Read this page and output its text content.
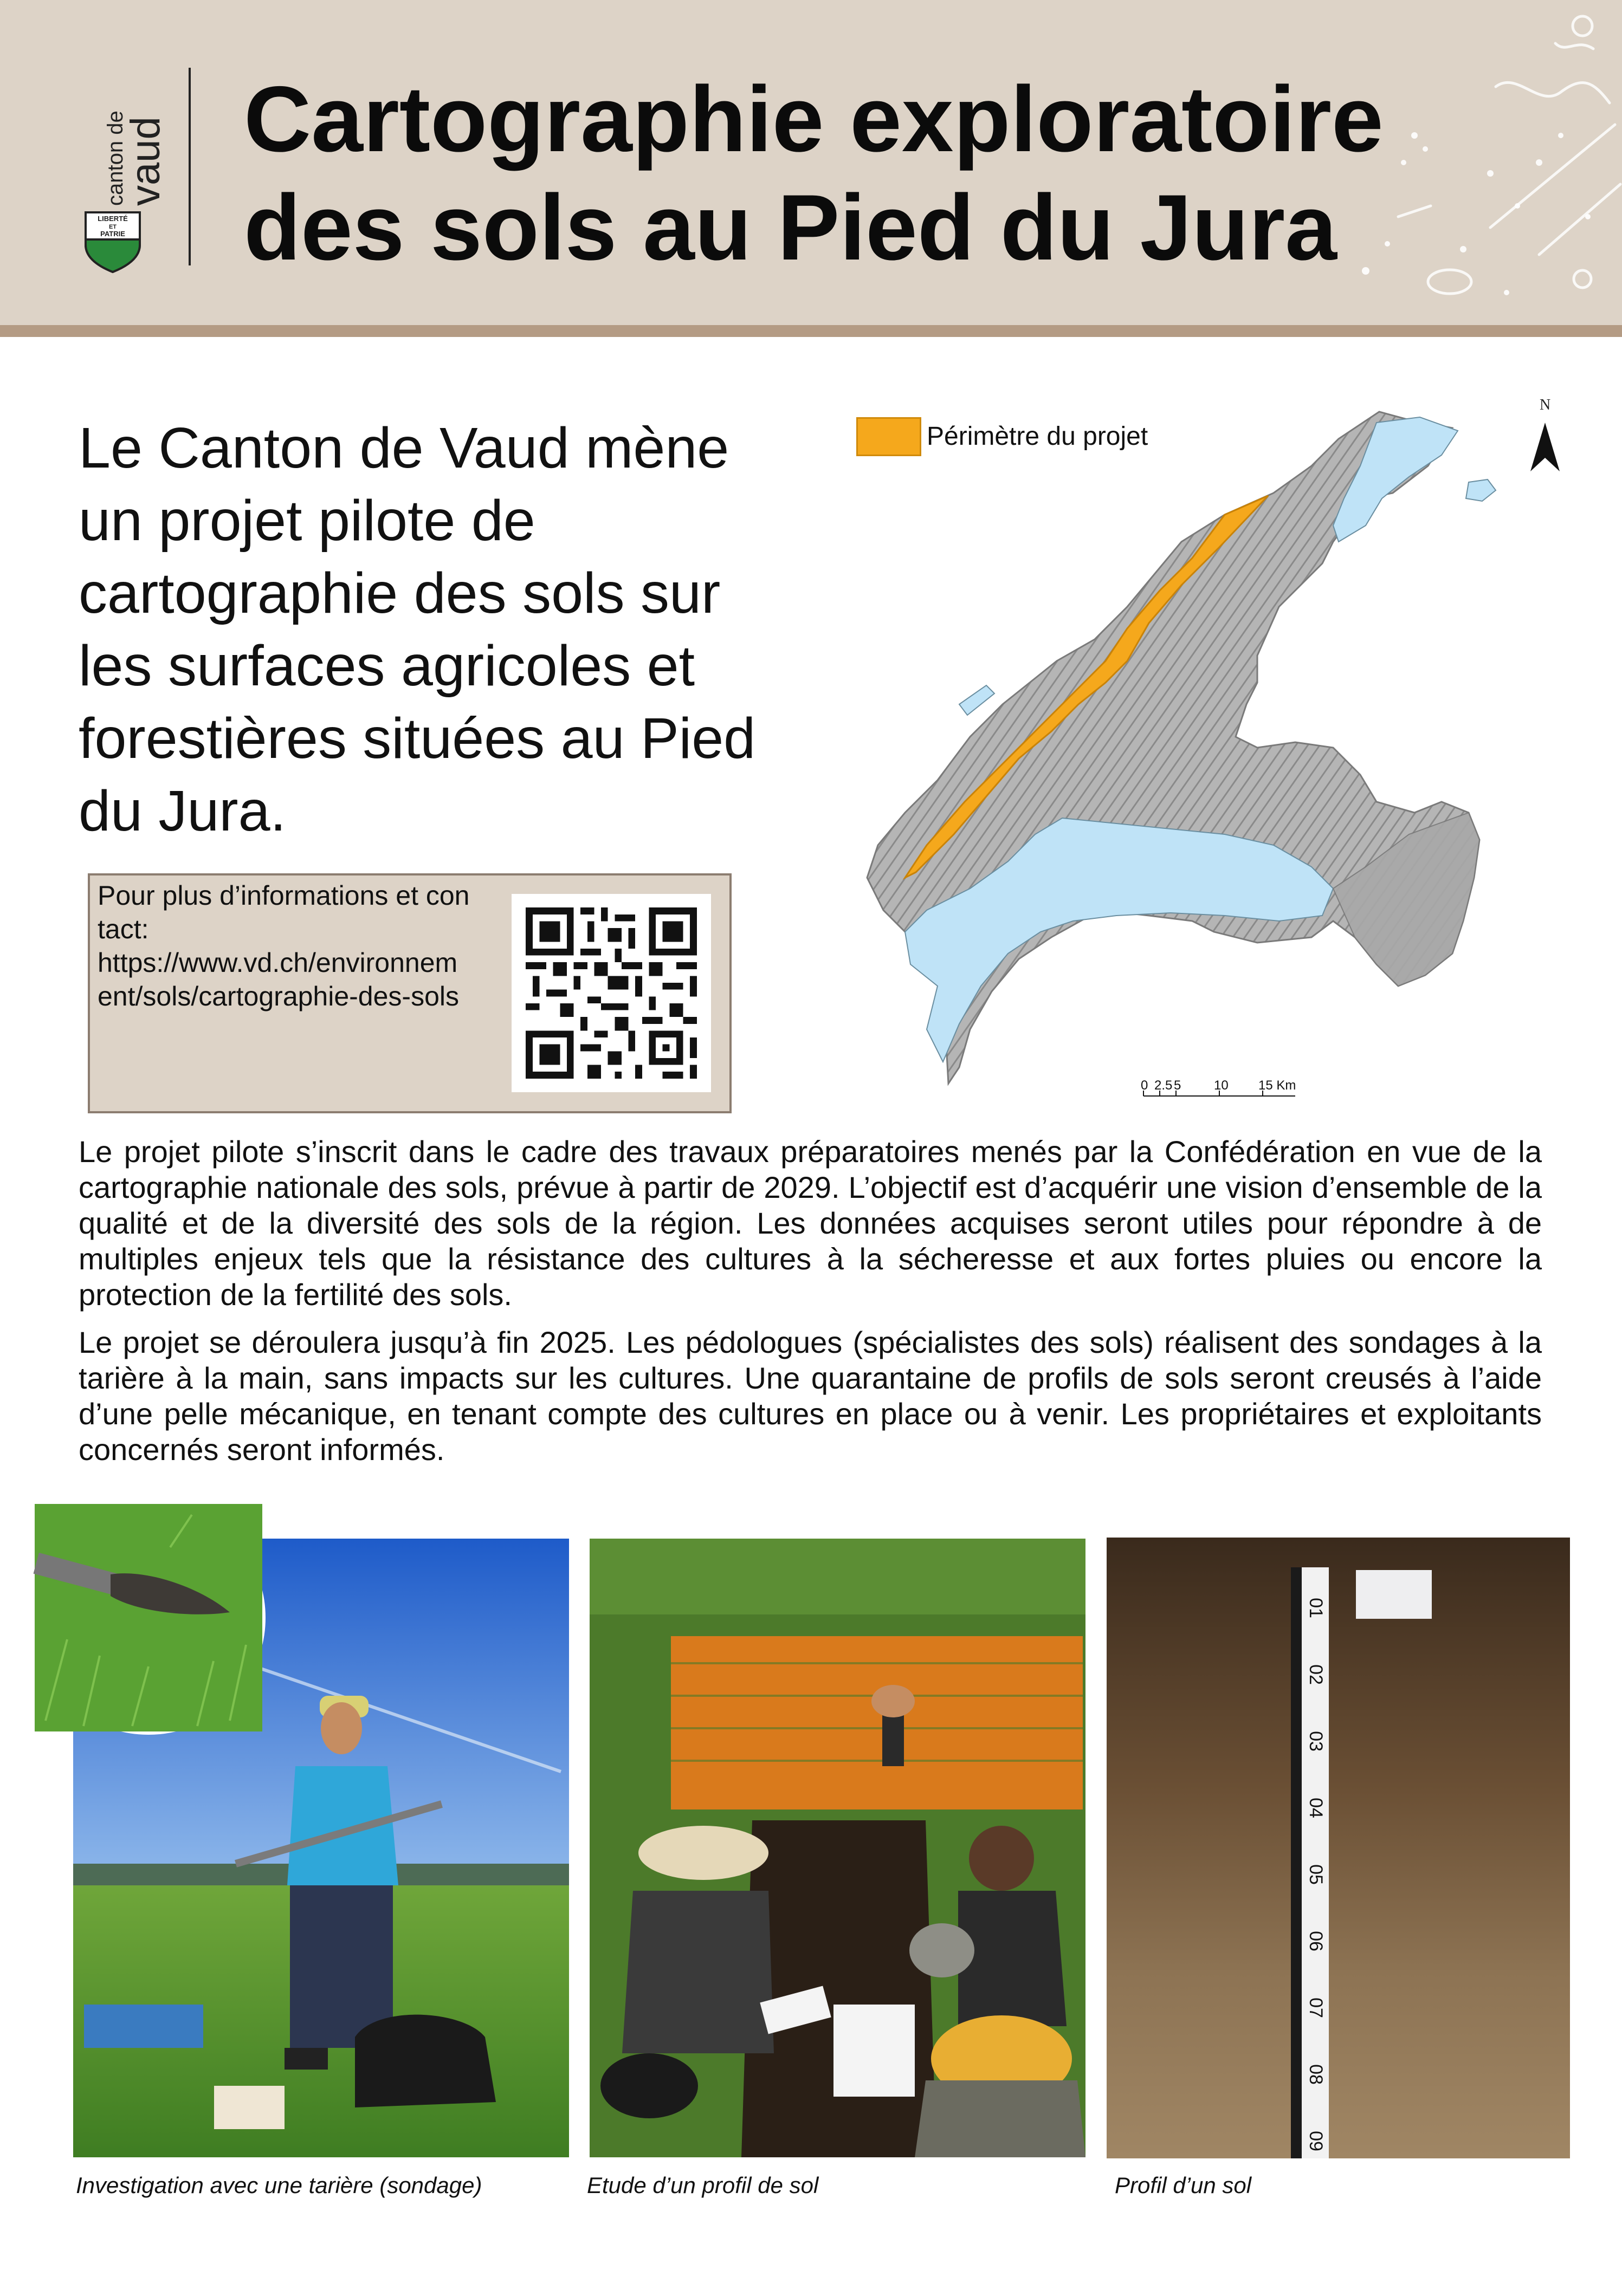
canton de
vaud
LIBERTÉ
ET
PATRIE
Cartographie exploratoire
des sols au Pied du Jura

Le Canton de Vaud mène un projet pilote de cartographie des sols sur les surfaces agricoles et forestières situées au Pied du Jura.

Pour plus d’informations et contact:
https://www.vd.ch/environnement/sols/cartographie-des-sols
Périmètre du projet
N
0 2.5 5	10 15 Km

Le projet pilote s’inscrit dans le cadre des travaux préparatoires menés par la Confédération en vue de la cartographie nationale des sols, prévue à partir de 2029. L’objectif est d’acquérir une vision d’ensemble de la qualité et de la diversité des sols de la région. Les données acquises seront utiles pour répondre à de multiples enjeux tels que la résistance des cultures à la sécheresse et aux fortes pluies ou encore la protection de la fertilité des sols.

Le projet se déroulera jusqu’à fin 2025. Les pédologues (spécialistes des sols) réalisent des sondages à la tarière à la main, sans impacts sur les cultures. Une quarantaine de profils de sols seront creusés à l’aide d’une pelle mécanique, en tenant compte des cultures en place ou à venir. Les propriétaires et exploitants concernés seront informés.

01
02
03
04
05
06
07
08
09
Investigation avec une tarière (sondage)	Etude d’un profil de sol	Profil d’un sol
